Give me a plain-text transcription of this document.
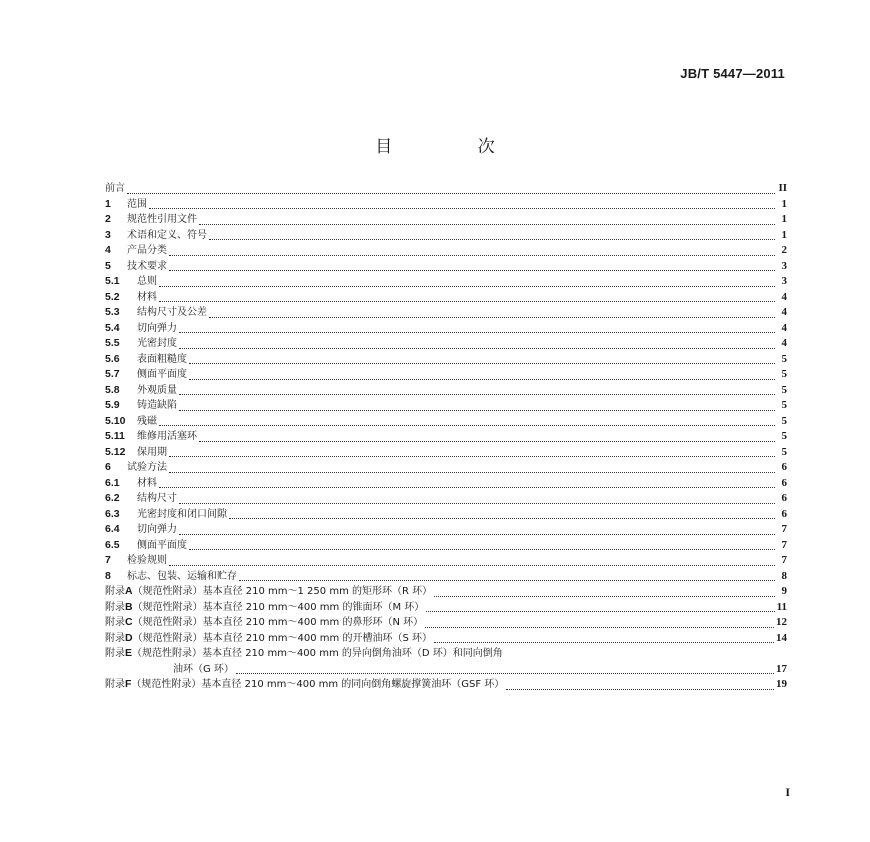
JB/T 5447—2011
目 次
前言	II
1	范围	1
2	规范性引用文件	1
3	术语和定义、符号	1
4	产品分类	2
5	技术要求	3
5.1	总则	3
5.2	材料	4
5.3	结构尺寸及公差	4
5.4	切向弹力	4
5.5	光密封度	4
5.6	表面粗糙度	5
5.7	侧面平面度	5
5.8	外观质量	5
5.9	铸造缺陷	5
5.10	残磁	5
5.11	维修用活塞环	5
5.12	保用期	5
6	试验方法	6
6.1	材料	6
6.2	结构尺寸	6
6.3	光密封度和闭口间隙	6
6.4	切向弹力	7
6.5	侧面平面度	7
7	检验规则	7
8	标志、包装、运输和贮存	8
附录A（规范性附录）基本直径 210 mm～1 250 mm 的矩形环（R 环）	9
附录B（规范性附录）基本直径 210 mm～400 mm 的锥面环（M 环）	11
附录C（规范性附录）基本直径 210 mm～400 mm 的鼻形环（N 环）	12
附录D（规范性附录）基本直径 210 mm～400 mm 的开槽油环（S 环）	14
附录E（规范性附录）基本直径 210 mm～400 mm 的异向倒角油环（D 环）和同向倒角
油环（G 环）	17
附录F（规范性附录）基本直径 210 mm～400 mm 的同向倒角螺旋撑簧油环（GSF 环）	19
I
